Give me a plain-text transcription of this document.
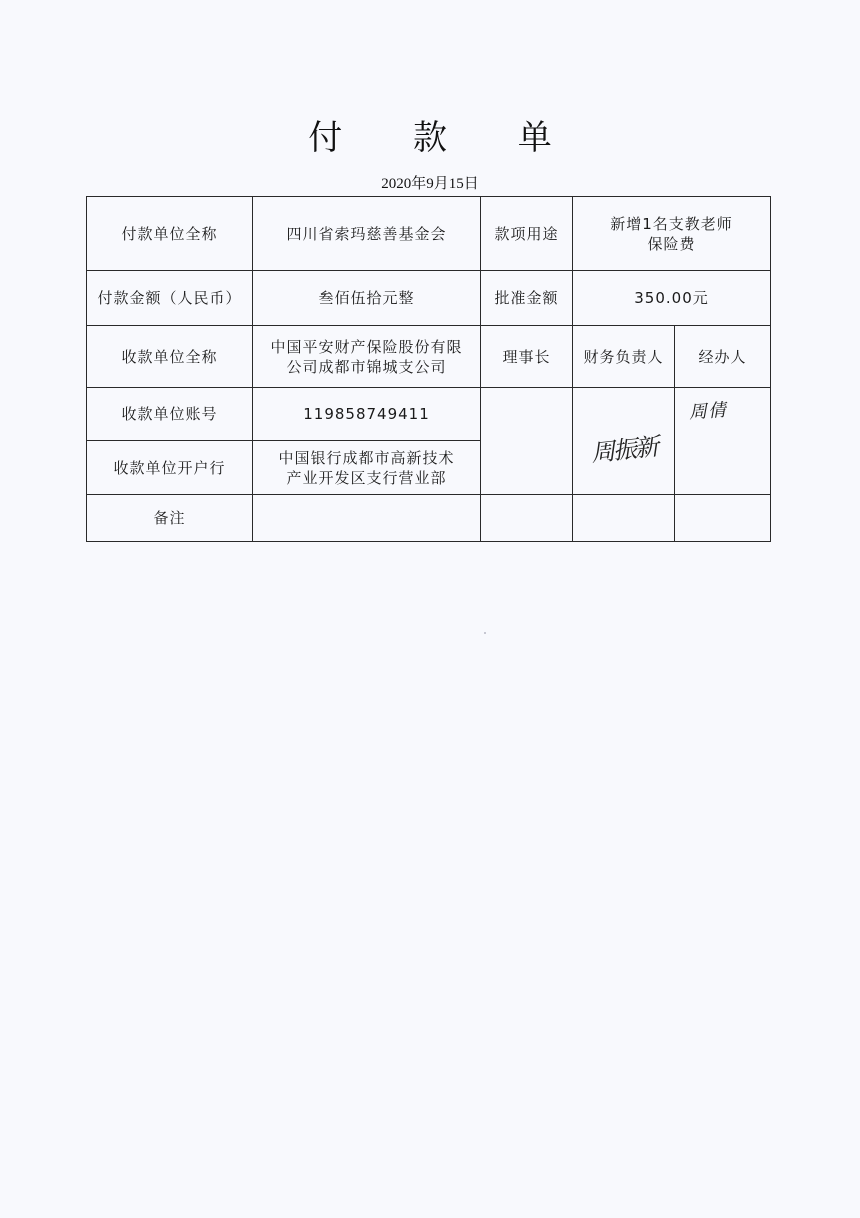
付 款 单
2020年9月15日
付款单位全称	四川省索玛慈善基金会	款项用途	新增1名支教老师
保险费	

付款金额（人民币）	叁佰伍拾元整	批准金额	350.00元	
收款单位全称	中国平安财产保险股份有限
公司成都市锦城支公司	理事长	财务负责人	经办人
收款单位账号	119858749411		周振新	周倩

收款单位开户行	中国银行成都市高新技术
产业开发区支行营业部			

备注				
